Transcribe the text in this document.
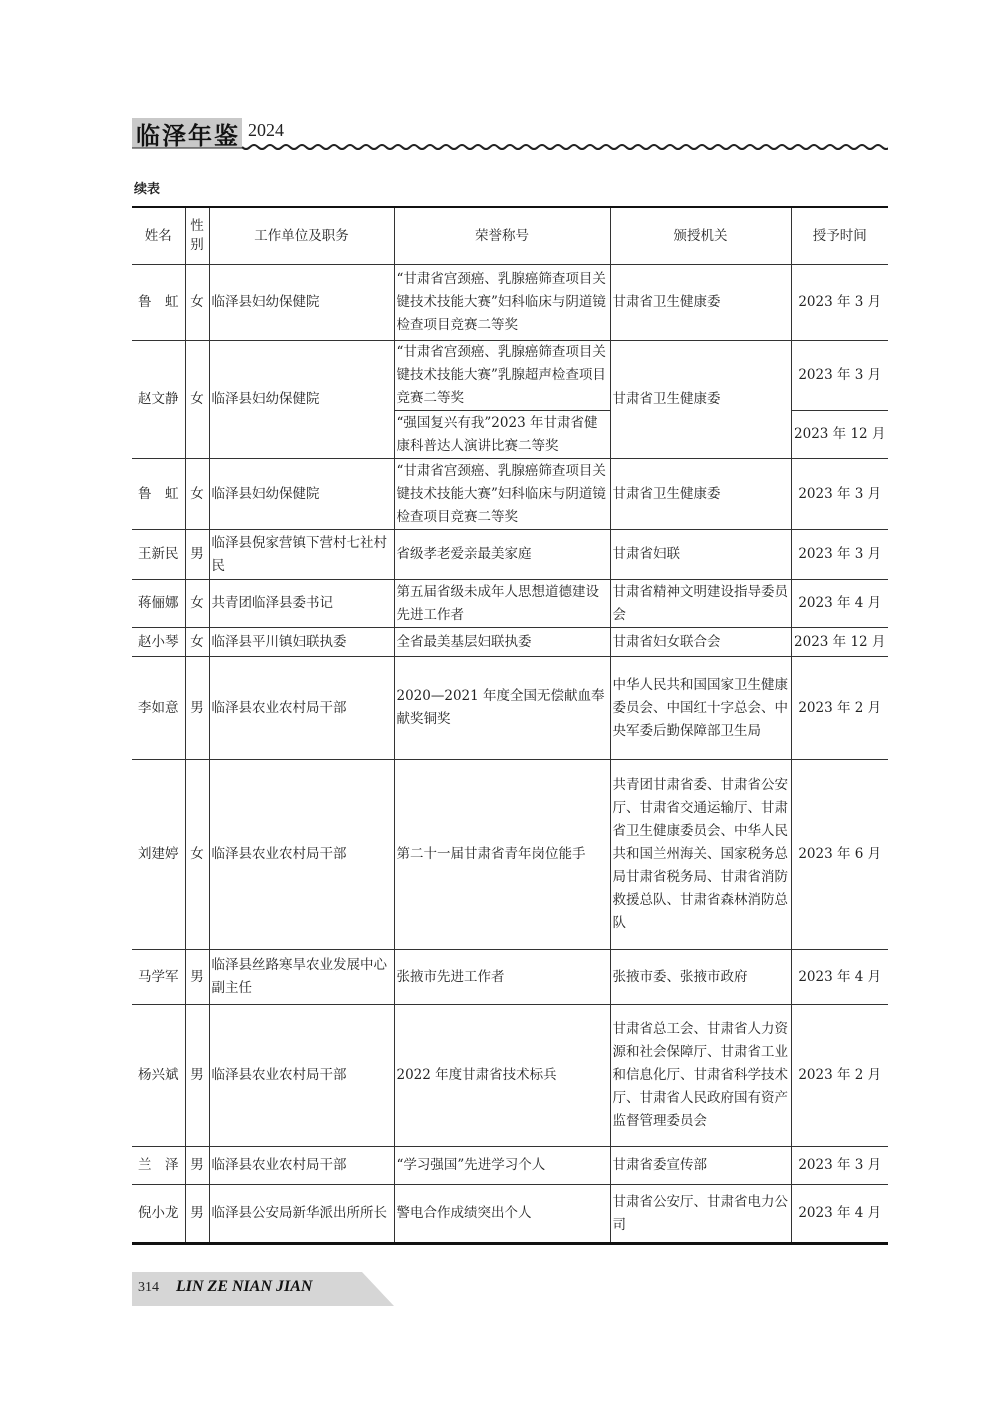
临泽年鉴 2024
续表
姓名	性别	工作单位及职务	荣誉称号	颁授机关	授予时间
鲁　虹	女	临泽县妇幼保健院	“甘肃省宫颈癌、乳腺癌筛查项目关键技术技能大赛”妇科临床与阴道镜检查项目竞赛二等奖	甘肃省卫生健康委	2023 年 3 月
赵文静	女	临泽县妇幼保健院	“甘肃省宫颈癌、乳腺癌筛查项目关键技术技能大赛”乳腺超声检查项目竞赛二等奖	甘肃省卫生健康委	2023 年 3 月
			“强国复兴有我”2023 年甘肃省健康科普达人演讲比赛二等奖		2023 年 12 月
鲁　虹	女	临泽县妇幼保健院	“甘肃省宫颈癌、乳腺癌筛查项目关键技术技能大赛”妇科临床与阴道镜检查项目竞赛二等奖	甘肃省卫生健康委	2023 年 3 月
王新民	男	临泽县倪家营镇下营村七社村民	省级孝老爱亲最美家庭	甘肃省妇联	2023 年 3 月
蒋俪娜	女	共青团临泽县委书记	第五届省级未成年人思想道德建设先进工作者	甘肃省精神文明建设指导委员会	2023 年 4 月
赵小琴	女	临泽县平川镇妇联执委	全省最美基层妇联执委	甘肃省妇女联合会	2023 年 12 月
李如意	男	临泽县农业农村局干部	2020—2021 年度全国无偿献血奉献奖铜奖	中华人民共和国国家卫生健康委员会、中国红十字总会、中央军委后勤保障部卫生局	2023 年 2 月
刘建婷	女	临泽县农业农村局干部	第二十一届甘肃省青年岗位能手	共青团甘肃省委、甘肃省公安厅、甘肃省交通运输厅、甘肃省卫生健康委员会、中华人民共和国兰州海关、国家税务总局甘肃省税务局、甘肃省消防救援总队、甘肃省森林消防总队	2023 年 6 月
马学军	男	临泽县丝路寒旱农业发展中心副主任	张掖市先进工作者	张掖市委、张掖市政府	2023 年 4 月
杨兴斌	男	临泽县农业农村局干部	2022 年度甘肃省技术标兵	甘肃省总工会、甘肃省人力资源和社会保障厅、甘肃省工业和信息化厅、甘肃省科学技术厅、甘肃省人民政府国有资产监督管理委员会	2023 年 2 月
兰　泽	男	临泽县农业农村局干部	“学习强国”先进学习个人	甘肃省委宣传部	2023 年 3 月
倪小龙	男	临泽县公安局新华派出所所长	警电合作成绩突出个人	甘肃省公安厅、甘肃省电力公司	2023 年 4 月
314 LIN ZE NIAN JIAN
